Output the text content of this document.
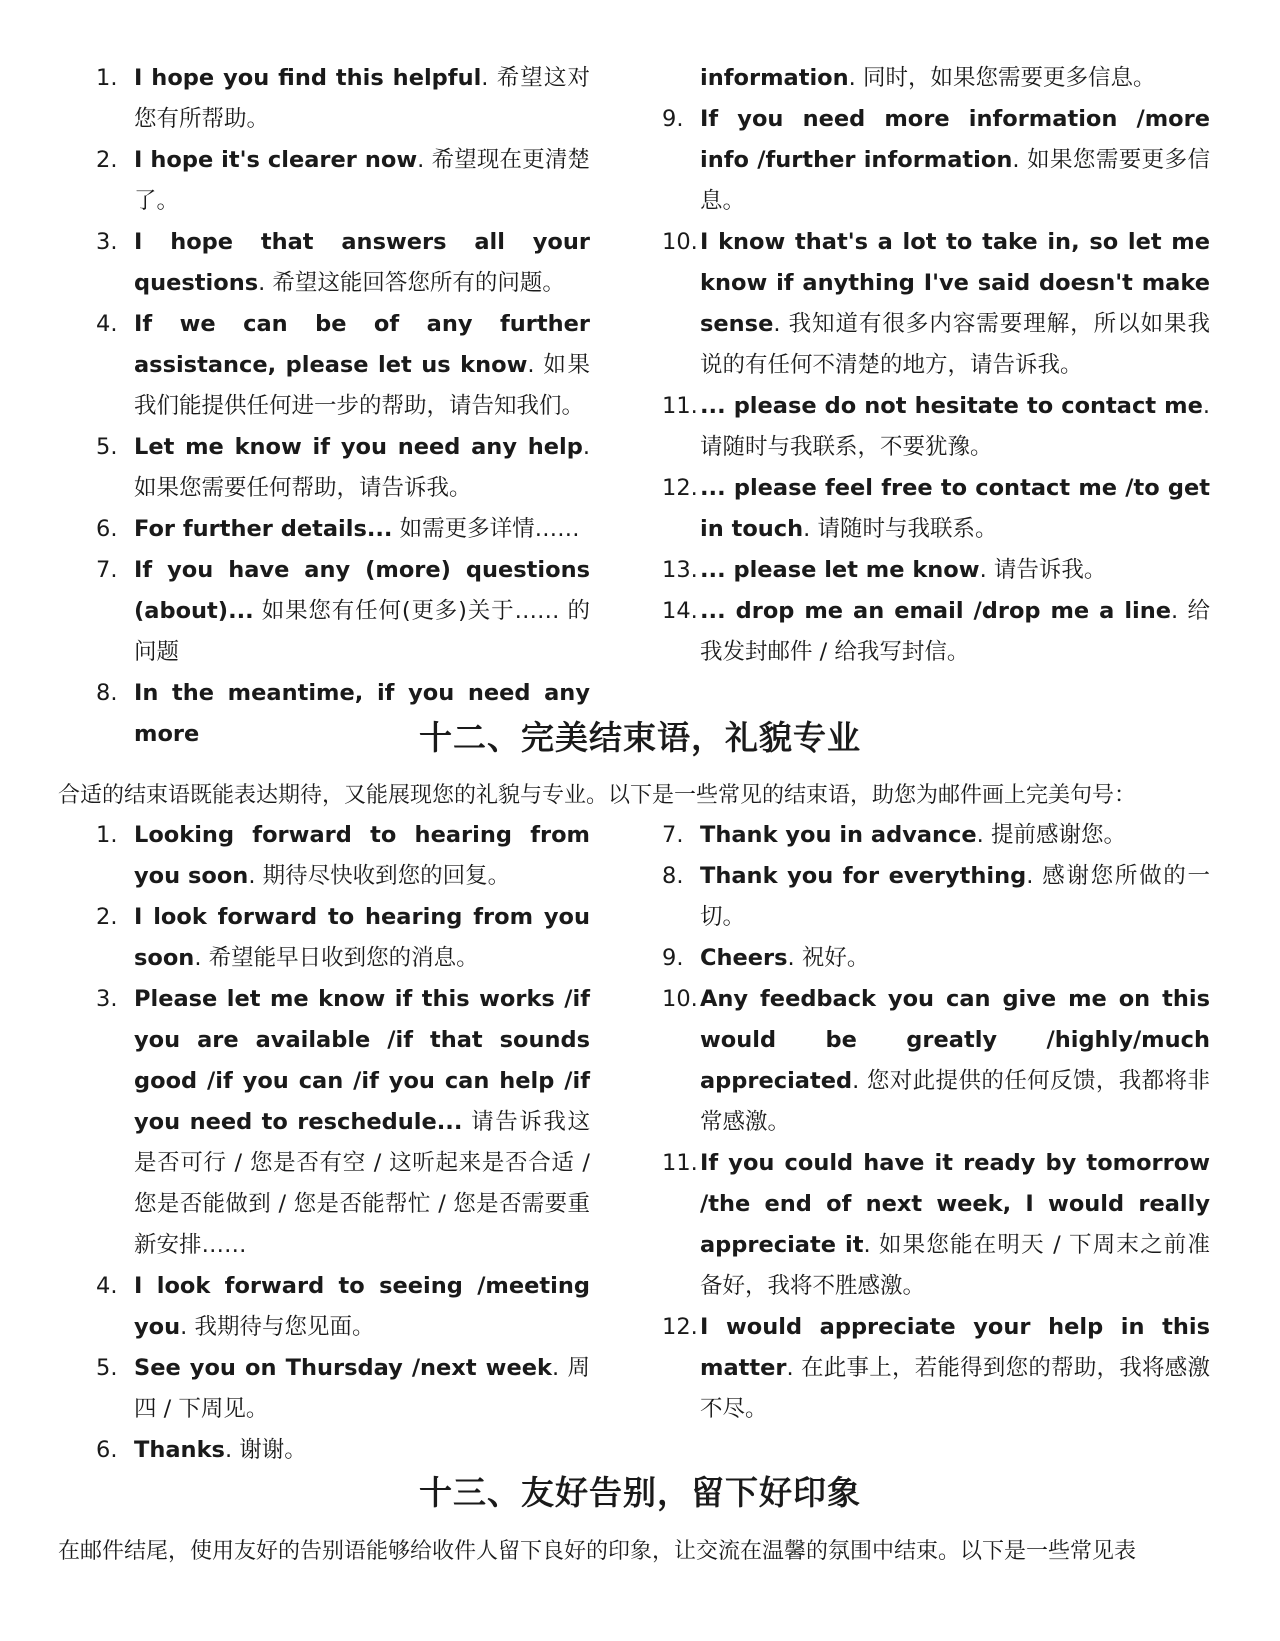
1. I hope you find this helpful. 希望这对您有所帮助。
2. I hope it's clearer now. 希望现在更清楚了。
3. I hope that answers all your questions. 希望这能回答您所有的问题。
4. If we can be of any further assistance, please let us know. 如果我们能提供任何进一步的帮助，请告知我们。
5. Let me know if you need any help. 如果您需要任何帮助，请告诉我。
6. For further details... 如需更多详情……
7. If you have any (more) questions (about)... 如果您有任何(更多)关于…… 的问题
8. In the meantime, if you need any more
information. 同时，如果您需要更多信息。
9. If you need more information /more info /further information. 如果您需要更多信息。
10. I know that's a lot to take in, so let me know if anything I've said doesn't make sense. 我知道有很多内容需要理解，所以如果我说的有任何不清楚的地方，请告诉我。
11. ... please do not hesitate to contact me. 请随时与我联系，不要犹豫。
12. ... please feel free to contact me /to get in touch. 请随时与我联系。
13. ... please let me know. 请告诉我。
14. ... drop me an email /drop me a line. 给我发封邮件 / 给我写封信。
十二、完美结束语，礼貌专业
合适的结束语既能表达期待，又能展现您的礼貌与专业。以下是一些常见的结束语，助您为邮件画上完美句号：
1. Looking forward to hearing from you soon. 期待尽快收到您的回复。
2. I look forward to hearing from you soon. 希望能早日收到您的消息。
3. Please let me know if this works /if you are available /if that sounds good /if you can /if you can help /if you need to reschedule... 请告诉我这是否可行 / 您是否有空 / 这听起来是否合适 / 您是否能做到 / 您是否能帮忙 / 您是否需要重新安排……
4. I look forward to seeing /meeting you. 我期待与您见面。
5. See you on Thursday /next week. 周四 / 下周见。
6. Thanks. 谢谢。
7. Thank you in advance. 提前感谢您。
8. Thank you for everything. 感谢您所做的一切。
9. Cheers. 祝好。
10. Any feedback you can give me on this would be greatly /highly/much appreciated. 您对此提供的任何反馈，我都将非常感激。
11. If you could have it ready by tomorrow /the end of next week, I would really appreciate it. 如果您能在明天 / 下周末之前准备好，我将不胜感激。
12. I would appreciate your help in this matter. 在此事上，若能得到您的帮助，我将感激不尽。
十三、友好告别，留下好印象
在邮件结尾，使用友好的告别语能够给收件人留下良好的印象，让交流在温馨的氛围中结束。以下是一些常见表
